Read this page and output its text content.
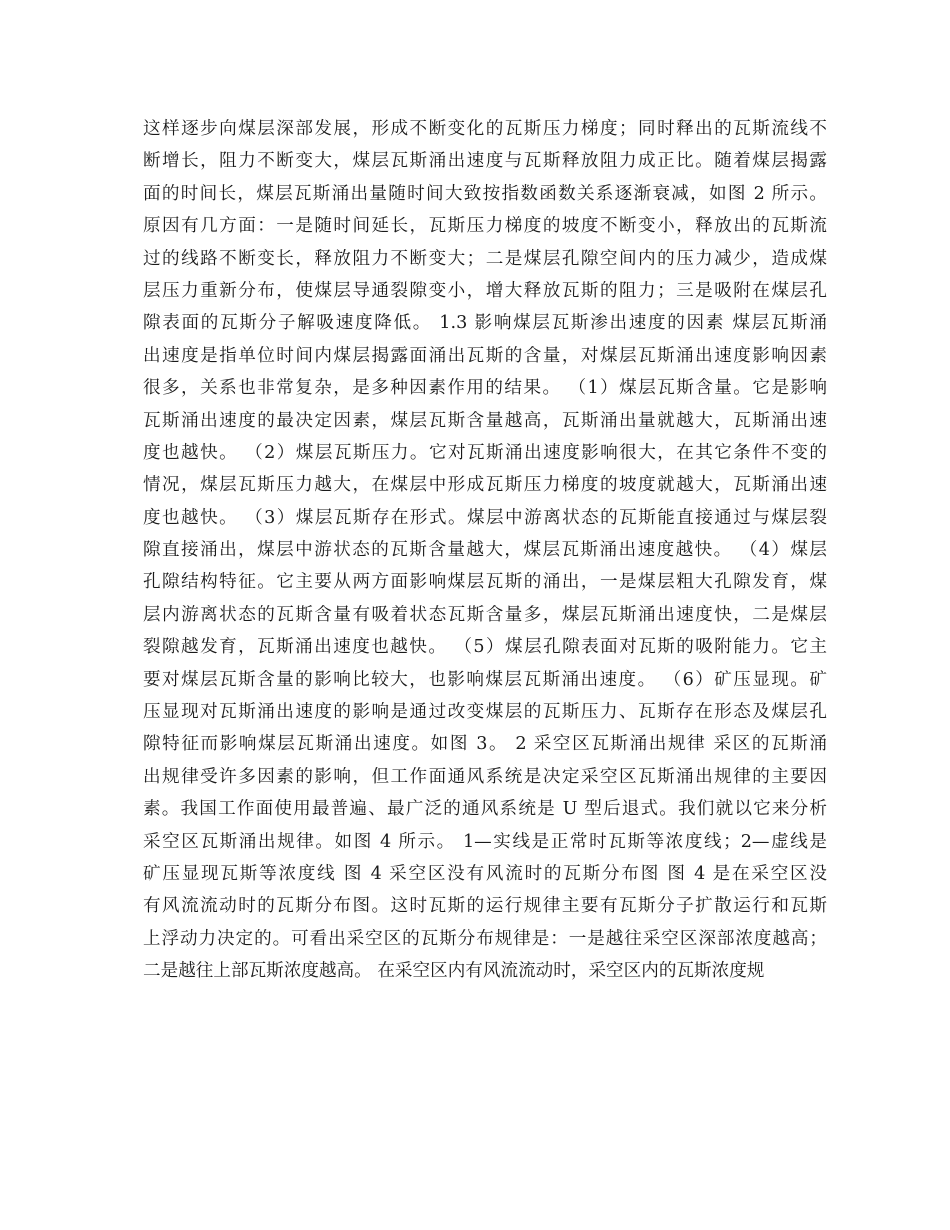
这样逐步向煤层深部发展，形成不断变化的瓦斯压力梯度；同时释出的瓦斯流线不
断增长，阻力不断变大，煤层瓦斯涌出速度与瓦斯释放阻力成正比。随着煤层揭露
面的时间长，煤层瓦斯涌出量随时间大致按指数函数关系逐渐衰减，如图 2 所示。
原因有几方面：一是随时间延长，瓦斯压力梯度的坡度不断变小，释放出的瓦斯流
过的线路不断变长，释放阻力不断变大；二是煤层孔隙空间内的压力减少，造成煤
层压力重新分布，使煤层导通裂隙变小，增大释放瓦斯的阻力；三是吸附在煤层孔
隙表面的瓦斯分子解吸速度降低。 1.3 影响煤层瓦斯渗出速度的因素 煤层瓦斯涌
出速度是指单位时间内煤层揭露面涌出瓦斯的含量，对煤层瓦斯涌出速度影响因素
很多，关系也非常复杂，是多种因素作用的结果。 （1）煤层瓦斯含量。它是影响
瓦斯涌出速度的最决定因素，煤层瓦斯含量越高，瓦斯涌出量就越大，瓦斯涌出速
度也越快。 （2）煤层瓦斯压力。它对瓦斯涌出速度影响很大，在其它条件不变的
情况，煤层瓦斯压力越大，在煤层中形成瓦斯压力梯度的坡度就越大，瓦斯涌出速
度也越快。 （3）煤层瓦斯存在形式。煤层中游离状态的瓦斯能直接通过与煤层裂
隙直接涌出，煤层中游状态的瓦斯含量越大，煤层瓦斯涌出速度越快。 （4）煤层
孔隙结构特征。它主要从两方面影响煤层瓦斯的涌出，一是煤层粗大孔隙发育，煤
层内游离状态的瓦斯含量有吸着状态瓦斯含量多，煤层瓦斯涌出速度快，二是煤层
裂隙越发育，瓦斯涌出速度也越快。 （5）煤层孔隙表面对瓦斯的吸附能力。它主
要对煤层瓦斯含量的影响比较大，也影响煤层瓦斯涌出速度。 （6）矿压显现。矿
压显现对瓦斯涌出速度的影响是通过改变煤层的瓦斯压力、瓦斯存在形态及煤层孔
隙特征而影响煤层瓦斯涌出速度。如图 3。 2 采空区瓦斯涌出规律 采区的瓦斯涌
出规律受许多因素的影响，但工作面通风系统是决定采空区瓦斯涌出规律的主要因
素。我国工作面使用最普遍、最广泛的通风系统是 U 型后退式。我们就以它来分析
采空区瓦斯涌出规律。如图 4 所示。 1—实线是正常时瓦斯等浓度线；2—虚线是
矿压显现瓦斯等浓度线 图 4 采空区没有风流时的瓦斯分布图 图 4 是在采空区没
有风流流动时的瓦斯分布图。这时瓦斯的运行规律主要有瓦斯分子扩散运行和瓦斯
上浮动力决定的。可看出采空区的瓦斯分布规律是：一是越往采空区深部浓度越高；
二是越往上部瓦斯浓度越高。 在采空区内有风流流动时，采空区内的瓦斯浓度规
